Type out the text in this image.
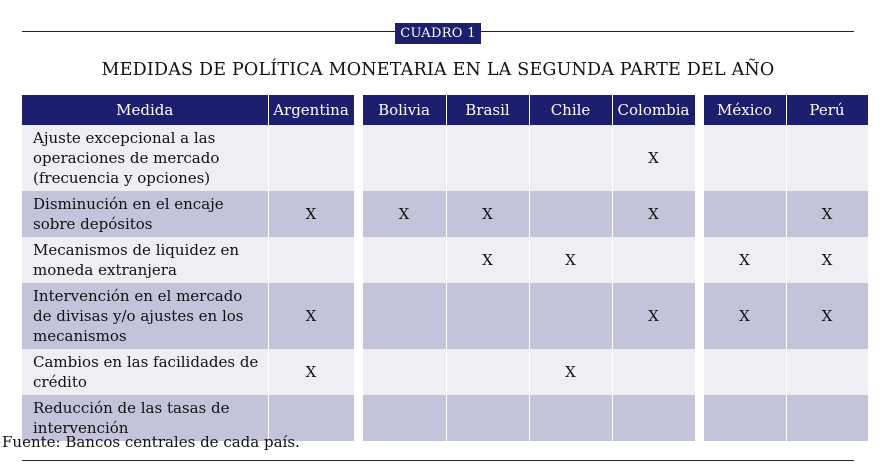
CUADRO 1
MEDIDAS DE POLÍTICA MONETARIA EN LA SEGUNDA PARTE DEL AÑO
Medida	Argentina		Bolivia	Brasil	Chile	Colombia		México	Perú
Ajuste excepcional a las operaciones de mercado (frecuencia y opciones)						X			
Disminución en el encaje sobre depósitos	X		X	X		X			X
Mecanismos de liquidez en moneda extranjera				X	X			X	X
Intervención en el mercado de divisas y/o ajustes en los mecanismos	X					X		X	X
Cambios en las facilidades de crédito	X				X				
Reducción de las tasas de intervención									
Fuente: Bancos centrales de cada país.
